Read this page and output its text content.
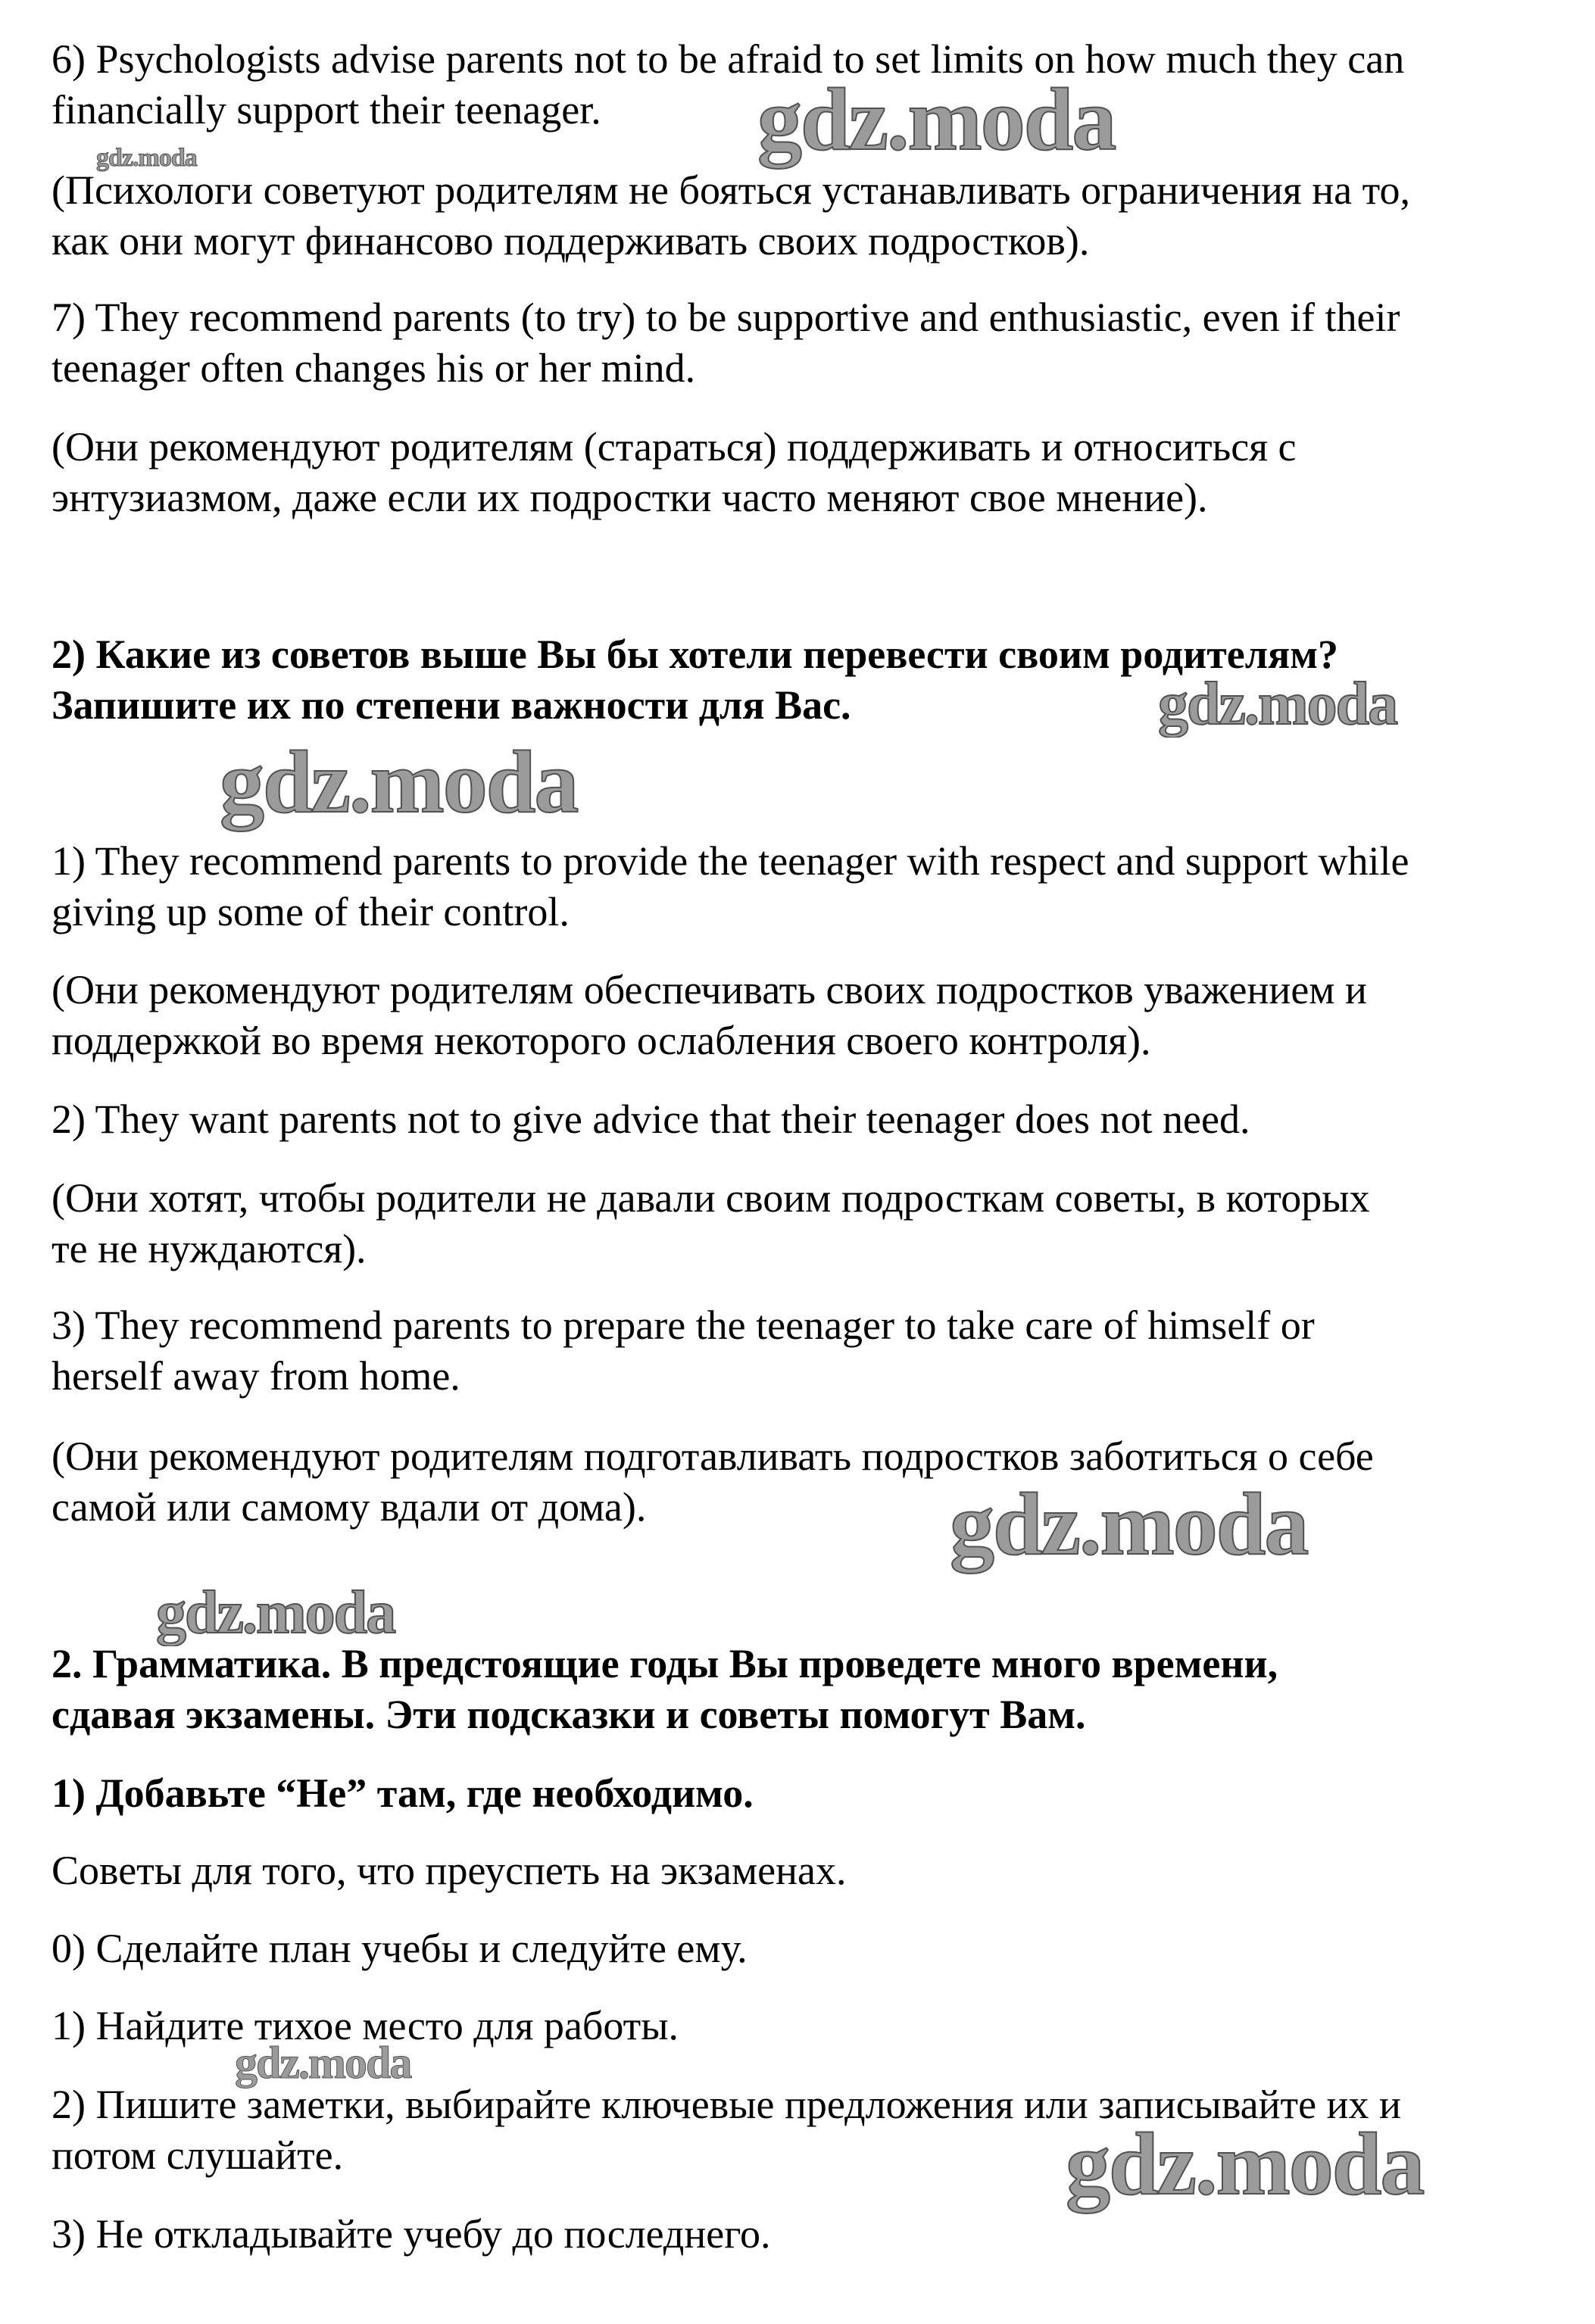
6) Psychologists advise parents not to be afraid to set limits on how much they can
financially support their teenager.
(Психологи советуют родителям не бояться устанавливать ограничения на то,
как они могут финансово поддерживать своих подростков).
7) They recommend parents (to try) to be supportive and enthusiastic, even if their
teenager often changes his or her mind.
(Они рекомендуют родителям (стараться) поддерживать и относиться с
энтузиазмом, даже если их подростки часто меняют свое мнение).
2) Какие из советов выше Вы бы хотели перевести своим родителям?
Запишите их по степени важности для Вас.
1) They recommend parents to provide the teenager with respect and support while
giving up some of their control.
(Они рекомендуют родителям обеспечивать своих подростков уважением и
поддержкой во время некоторого ослабления своего контроля).
2) They want parents not to give advice that their teenager does not need.
(Они хотят, чтобы родители не давали своим подросткам советы, в которых
те не нуждаются).
3) They recommend parents to prepare the teenager to take care of himself or
herself away from home.
(Они рекомендуют родителям подготавливать подростков заботиться о себе
самой или самому вдали от дома).
2. Грамматика. В предстоящие годы Вы проведете много времени,
сдавая экзамены. Эти подсказки и советы помогут Вам.
1) Добавьте “Не” там, где необходимо.
Советы для того, что преуспеть на экзаменах.
0) Сделайте план учебы и следуйте ему.
1) Найдите тихое место для работы.
2) Пишите заметки, выбирайте ключевые предложения или записывайте их и
потом слушайте.
3) Не откладывайте учебу до последнего.
gdz.moda
gdz.moda
gdz.moda
gdz.moda
gdz.moda
gdz.moda
gdz.moda
gdz.moda
